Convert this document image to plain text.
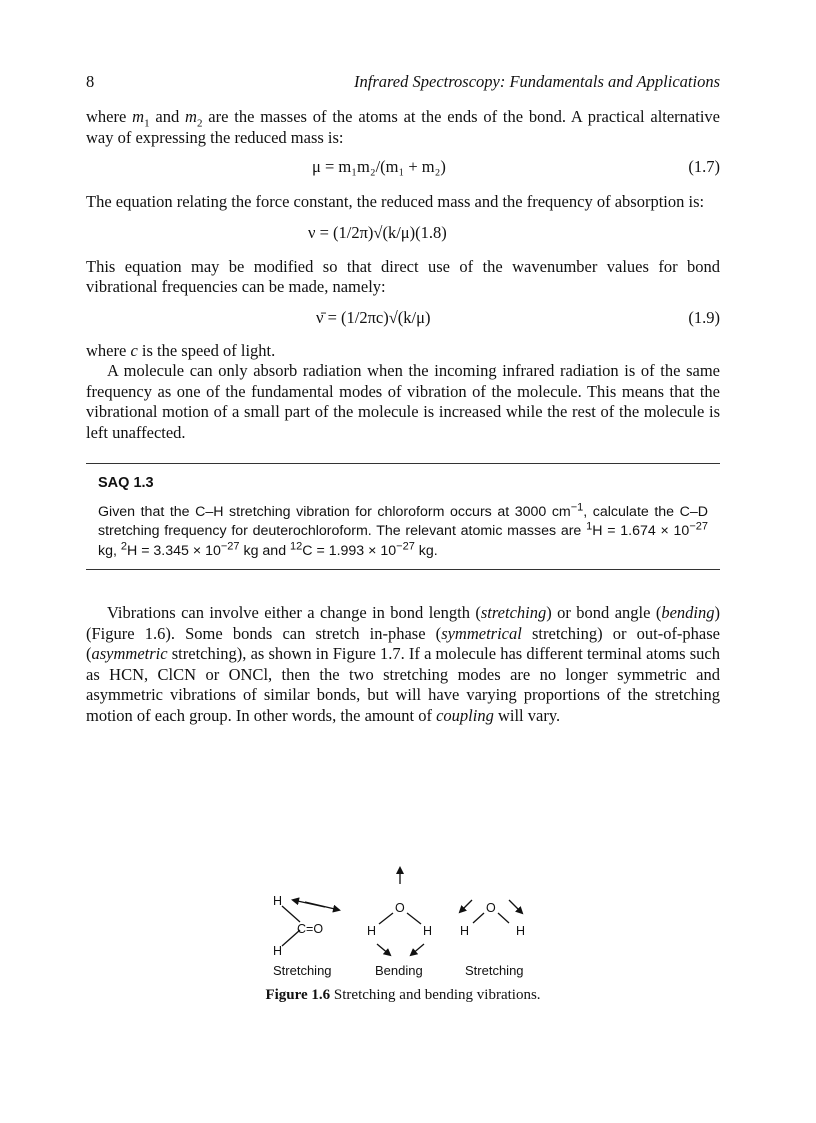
8	Infrared Spectroscopy: Fundamentals and Applications

where $m_1$ and $m_2$ are the masses of the atoms at the ends of the bond. A practical alternative way of expressing the reduced mass is:

μ = m₁m₂/(m₁ + m₂)	(1.7)

The equation relating the force constant, the reduced mass and the frequency of absorption is:

ν = (1/2π)√(k/μ)(1.8)

This equation may be modified so that direct use of the wavenumber values for bond vibrational frequencies can be made, namely:

ν̄ = (1/2πc)√(k/μ)	(1.9)

where c is the speed of light.

A molecule can only absorb radiation when the incoming infrared radiation is of the same frequency as one of the fundamental modes of vibration of the molecule. This means that the vibrational motion of a small part of the molecule is increased while the rest of the molecule is left unaffected.

SAQ 1.3

Given that the C–H stretching vibration for chloroform occurs at 3000 $cm^{-1}$, calculate the C–D stretching frequency for deuterochloroform. The relevant atomic masses are $^1H = 1.674 \times 10^{-27}$ kg, $^2H = 3.345 \times 10^{-27}$ kg and $^{12}C = 1.993 \times 10^{-27}$ kg.

Vibrations can involve either a change in bond length (stretching) or bond angle (bending) (Figure 1.6). Some bonds can stretch in-phase (symmetrical stretching) or out-of-phase (asymmetric stretching), as shown in Figure 1.7. If a molecule has different terminal atoms such as HCN, ClCN or ONCl, then the two stretching modes are no longer symmetric and asymmetric vibrations of similar bonds, but will have varying proportions of the stretching motion of each group. In other words, the amount of coupling will vary.

H
C=O
H
O
H	H
O
H	H
Stretching	Bending	Stretching
Figure 1.6 Stretching and bending vibrations.
